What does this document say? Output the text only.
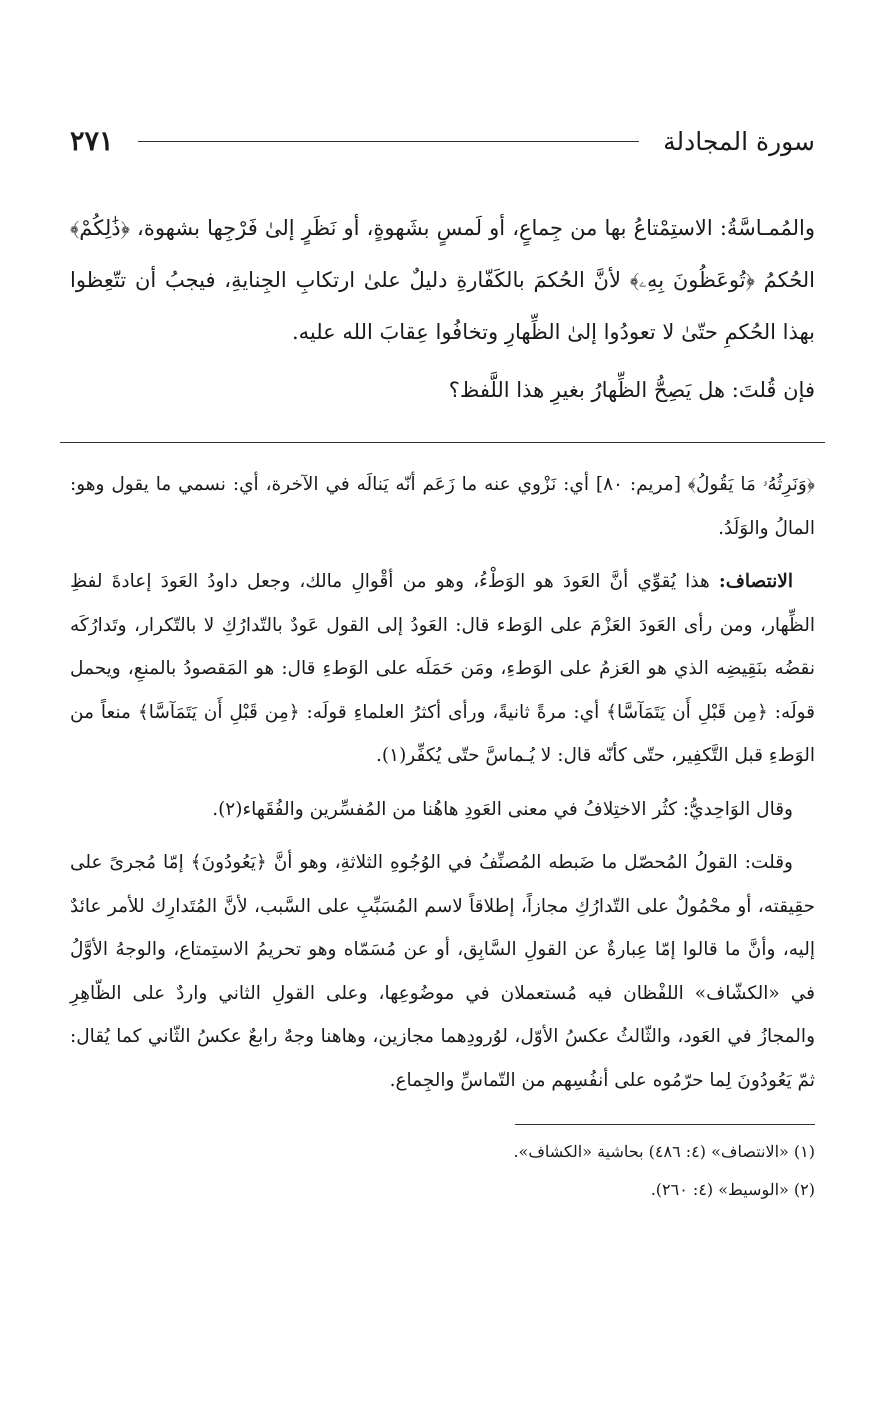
سورة المجادلة
٢٧١

والمُمـاسَّةُ: الاستِمْتاعُ بها من جِماعٍ، أو لَمسٍ بشَهوةٍ، أو نَظَرٍ إلىٰ فَرْجِها بشهوة، ﴿ذَٰلِكُمْ﴾ الحُكمُ ﴿تُوعَظُونَ بِهِۦ﴾ لأنَّ الحُكمَ بالكَفّارةِ دليلٌ علىٰ ارتكابِ الجِنايةِ، فيجبُ أن تتّعِظوا بهذا الحُكمِ حتّىٰ لا تعودُوا إلىٰ الظِّهارِ وتخافُوا عِقابَ الله عليه.

فإن قُلتَ: هل يَصِحُّ الظِّهارُ بغيرِ هذا اللَّفظ؟

﴿وَنَرِثُهُۥ مَا يَقُولُ﴾ [مريم: ٨٠] أي: نَزْوي عنه ما زَعَم أنّه يَنالَه في الآخرة، أي: نسمي ما يقول وهو: المالُ والوَلَدُ.

الانتصاف: هذا يُقوِّي أنَّ العَودَ هو الوَطْءُ، وهو من أقْوالِ مالك، وجعل داودُ العَودَ إعادةَ لفظِ الظِّهار، ومن رأى العَودَ العَزْمَ على الوَطء قال: العَودُ إلى القول عَودٌ بالتّدارُكِ لا بالتّكرار، وتَدارُكَه نقضُه بنَقِيضِه الذي هو العَزمُ على الوَطءِ، ومَن حَمَلَه على الوَطءِ قال: هو المَقصودُ بالمنعِ، ويحمل قولَه: ﴿مِن قَبْلِ أَن يَتَمَآسَّا﴾ أي: مرةً ثانيةً، ورأى أكثرُ العلماءِ قولَه: ﴿مِن قَبْلِ أَن يَتَمَآسَّا﴾ منعاً من الوَطءِ قبل التَّكفِير، حتّى كأنّه قال: لا يُـماسَّ حتّى يُكفِّر(١).

وقال الوَاحِديُّ: كثُر الاختِلافُ في معنى العَودِ هاهُنا من المُفسِّرين والفُقَهاء(٢).

وقلت: القولُ المُحصّل ما ضَبطه المُصنِّفُ في الوُجُوهِ الثلاثةِ، وهو أنَّ ﴿يَعُودُونَ﴾ إمّا مُجرىً على حقِيقته، أو محْمُولٌ على التّدارُكِ مجازاً، إطلاقاً لاسم المُسَبِّبِ على السَّبب، لأنَّ المُتَدارِك للأمر عائدٌ إليه، وأنَّ ما قالوا إمّا عِبارةٌ عن القولِ السَّابِق، أو عن مُسَمّاه وهو تحريمُ الاستِمتاع، والوجهُ الأوَّلُ في «الكشّاف» اللفْظان فيه مُستعملان في موضُوعِها، وعلى القولِ الثاني واردٌ على الظّاهِرِ والمجازُ في العَود، والثّالثُ عكسُ الأوّل، لوُرودِهما مجازين، وهاهنا وجهٌ رابعٌ عكسُ الثّاني كما يُقال: ثمّ يَعُودُونَ لِما حرّمُوه على أنفُسِهم من التّماسِّ والجِماع.

(١) «الانتصاف» (٤: ٤٨٦) بحاشية «الكشاف».

(٢) «الوسيط» (٤: ٢٦٠).
